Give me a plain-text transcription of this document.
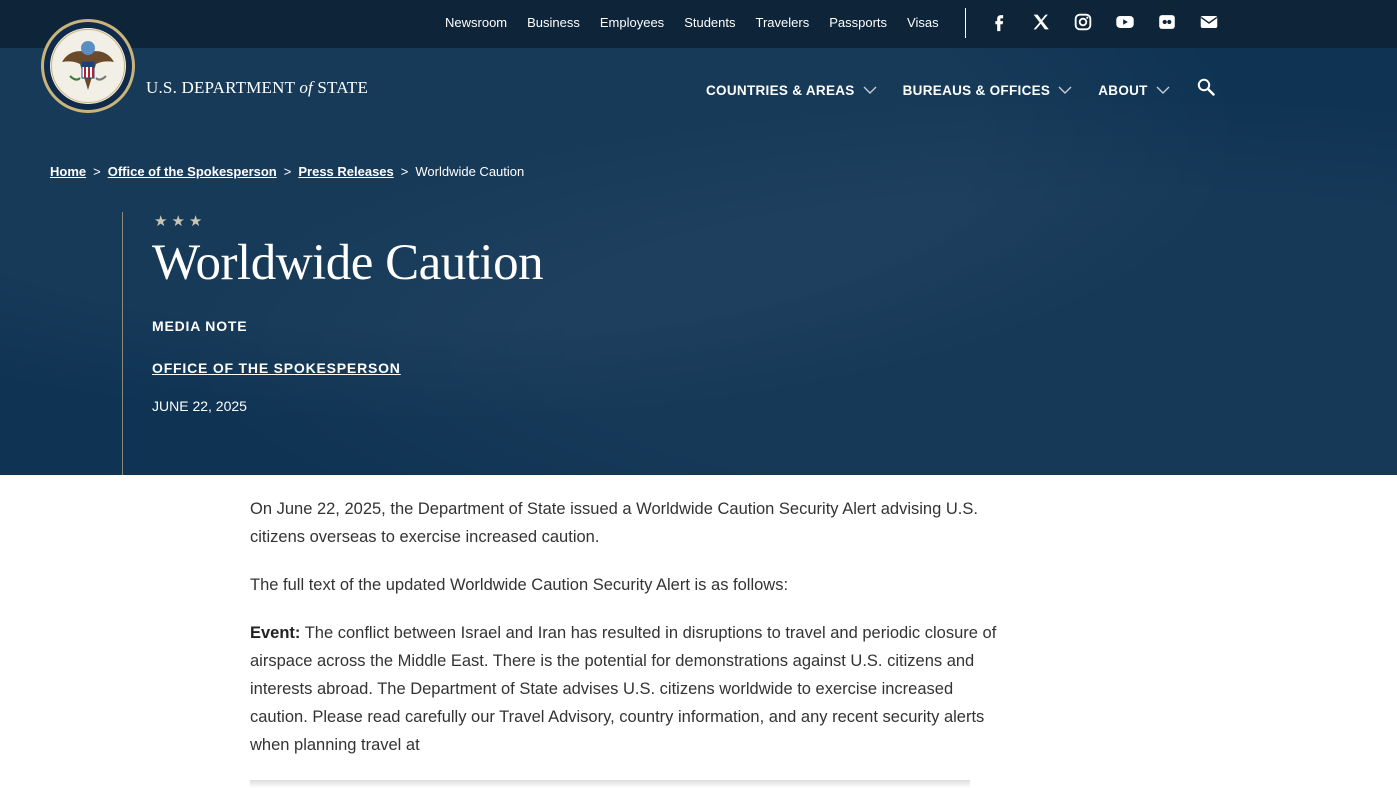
Newsroom Business Employees Students Travelers Passports Visas
U.S. DEPARTMENT of STATE	COUNTRIES & AREAS	BUREAUS & OFFICES	ABOUT
Home > Office of the Spokesperson > Press Releases > Worldwide Caution
★★★
Worldwide Caution
MEDIA NOTE
OFFICE OF THE SPOKESPERSON
JUNE 22, 2025

On June 22, 2025, the Department of State issued a Worldwide Caution Security Alert advising U.S. citizens overseas to exercise increased caution.

The full text of the updated Worldwide Caution Security Alert is as follows:

Event: The conflict between Israel and Iran has resulted in disruptions to travel and periodic closure of airspace across the Middle East. There is the potential for demonstrations against U.S. citizens and interests abroad. The Department of State advises U.S. citizens worldwide to exercise increased caution. Please read carefully our Travel Advisory, country information, and any recent security alerts when planning travel at
